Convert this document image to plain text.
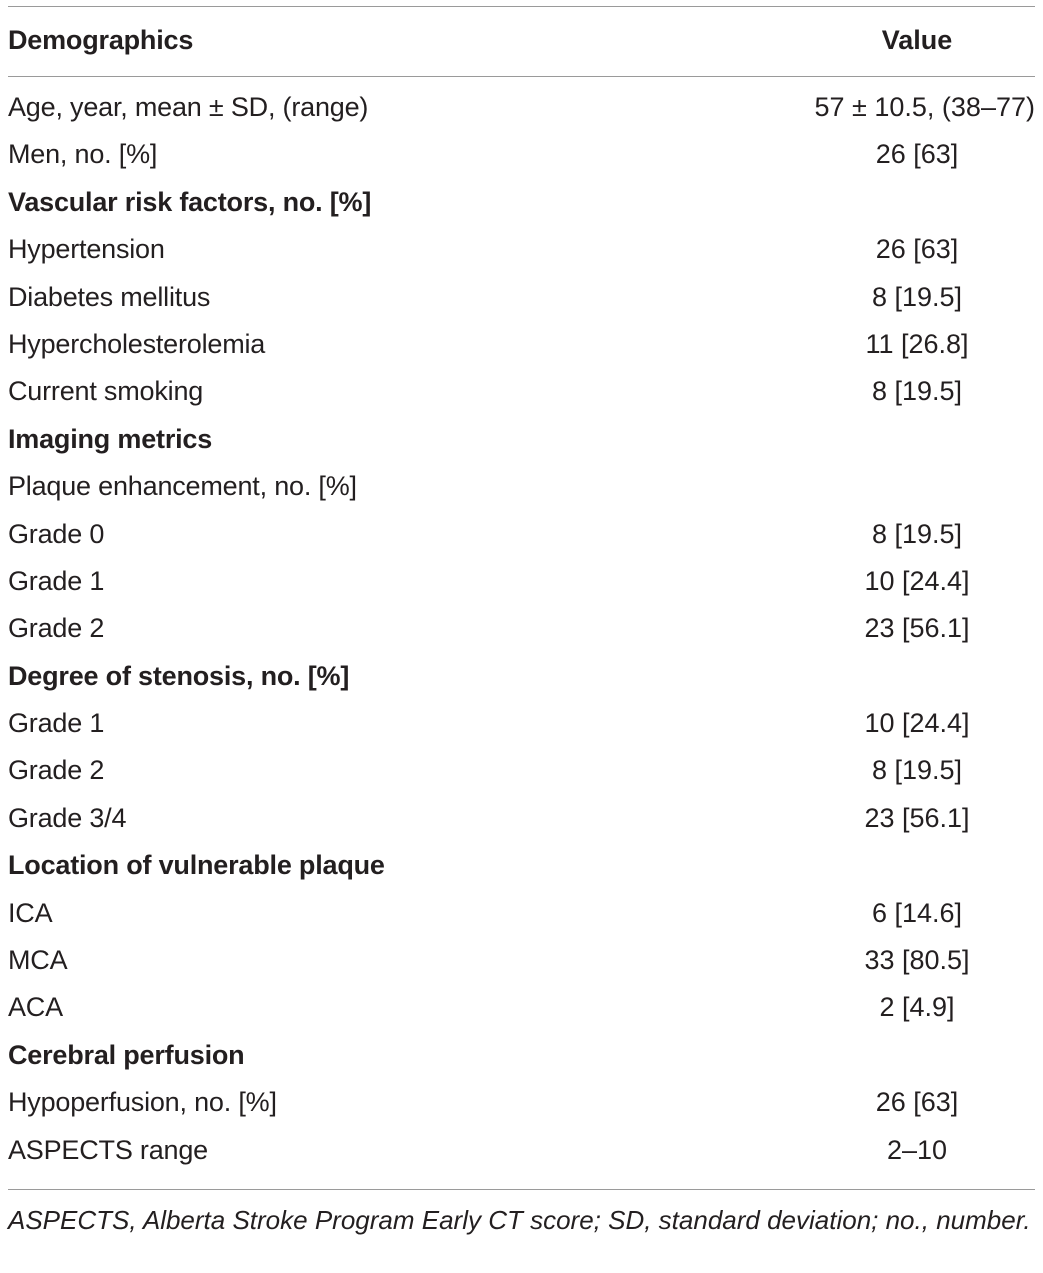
Demographics	Value
Age, year, mean ± SD, (range)	57 ± 10.5, (38–77)
Men, no. [%]	26 [63]
Vascular risk factors, no. [%]
Hypertension	26 [63]
Diabetes mellitus	8 [19.5]
Hypercholesterolemia	11 [26.8]
Current smoking	8 [19.5]
Imaging metrics
Plaque enhancement, no. [%]
Grade 0	8 [19.5]
Grade 1	10 [24.4]
Grade 2	23 [56.1]
Degree of stenosis, no. [%]
Grade 1	10 [24.4]
Grade 2	8 [19.5]
Grade 3/4	23 [56.1]
Location of vulnerable plaque
ICA	6 [14.6]
MCA	33 [80.5]
ACA	2 [4.9]
Cerebral perfusion
Hypoperfusion, no. [%]	26 [63]
ASPECTS range	2–10
ASPECTS, Alberta Stroke Program Early CT score; SD, standard deviation; no., number.
